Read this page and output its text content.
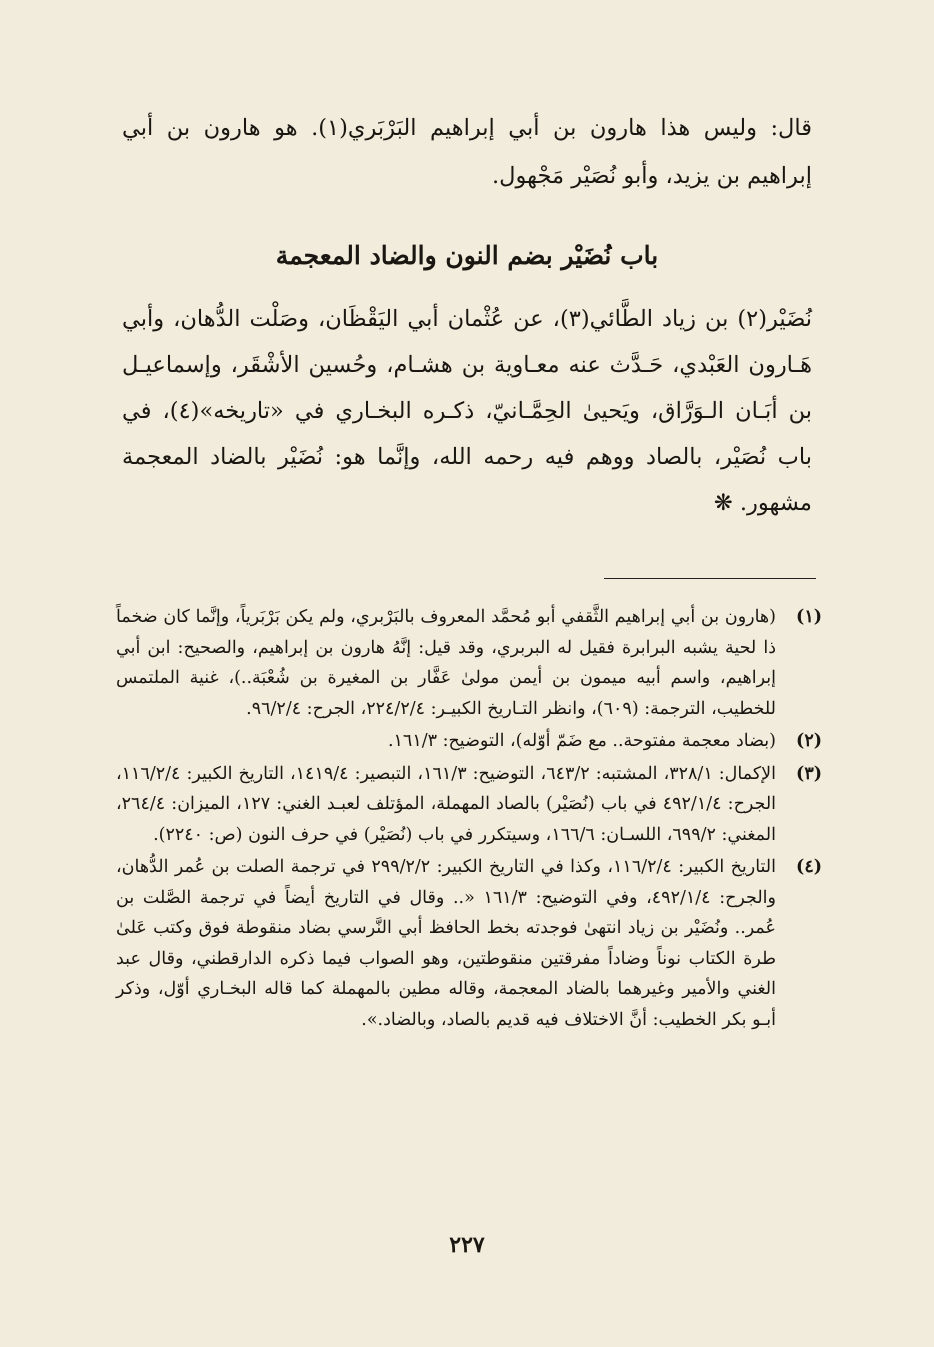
قال: وليس هذا هارون بن أبي إبراهيم البَرْبَري(١). هو هارون بن أبي إبراهيم بن يزيد، وأبو نُصَيْر مَجْهول.

باب نُضَيْر بضم النون والضاد المعجمة
نُضَيْر(٢) بن زياد الطَّائي(٣)، عن عُثْمان أبي اليَقْظَان، وصَلْت الدُّهان، وأبي هَـارون العَبْدي، حَـدَّث عنه معـاوية بن هشـام، وحُسين الأشْقَر، وإسماعيـل بن أبَـان الـوَرَّاق، ويَحيىٰ الحِمَّـانيّ، ذكـره البخـاري في «تاريخه»(٤)، في باب نُصَيْر، بالصاد ووهم فيه رحمه الله، وإنَّما هو: نُضَيْر بالضاد المعجمة مشهور. ❋
(١)
(هارون بن أبي إبراهيم الثَّقفي أبو مُحمَّد المعروف بالبَرْبري، ولم يكن بَرْبَرياً، وإنَّما كان ضخماً ذا لحية يشبه البرابرة فقيل له البربري، وقد قيل: إنَّهُ هارون بن إبراهيم، والصحيح: ابن أبي إبراهيم، واسم أبيه ميمون بن أيمن مولىٰ عَفَّار بن المغيرة بن شُعْبَة..)، غنية الملتمس للخطيب، الترجمة: (٦٠٩)، وانظر التـاريخ الكبيـر: ٢٢٤/٢/٤، الجرح: ٩٦/٢/٤.
(٢)
(بضاد معجمة مفتوحة.. مع ضَمّ أوّله)، التوضيح: ١٦١/٣.
(٣)
الإكمال: ٣٢٨/١، المشتبه: ٦٤٣/٢، التوضيح: ١٦١/٣، التبصير: ١٤١٩/٤، التاريخ الكبير: ١١٦/٢/٤، الجرح: ٤٩٢/١/٤ في باب (نُصَيْر) بالصاد المهملة، المؤتلف لعبـد الغني: ١٢٧، الميزان: ٢٦٤/٤، المغني: ٦٩٩/٢، اللسـان: ١٦٦/٦، وسيتكرر في باب (نُصَيْر) في حرف النون (ص: ٢٢٤٠).
(٤)
التاريخ الكبير: ١١٦/٢/٤، وكذا في التاريخ الكبير: ٢٩٩/٢/٢ في ترجمة الصلت بن عُمر الدُّهان، والجرح: ٤٩٢/١/٤، وفي التوضيح: ١٦١/٣ «.. وقال في التاريخ أيضاً في ترجمة الصَّلت بن عُمر.. ونُضَيْر بن زياد انتهىٰ فوجدته بخط الحافظ أبي النَّرسي بضاد منقوطة فوق وكتب عَلىٰ طرة الكتاب نوناً وضاداً مفرقتين منقوطتين، وهو الصواب فيما ذكره الدارقطني، وقال عبد الغني والأمير وغيرهما بالضاد المعجمة، وقاله مطين بالمهملة كما قاله البخـاري أوّل، وذكر أبـو بكر الخطيب: أنَّ الاختلاف فيه قديم بالصاد، وبالضاد.».
٢٢٧
